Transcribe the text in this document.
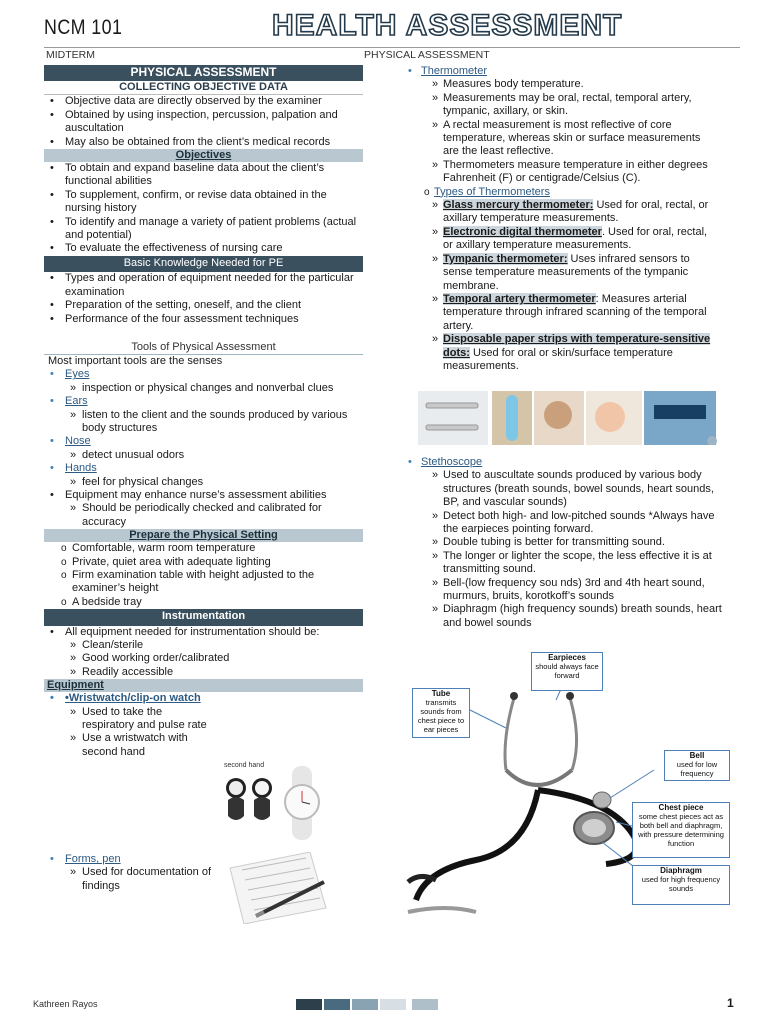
NCM 101	HEALTH ASSESSMENT
MIDTERM	PHYSICAL ASSESSMENT
PHYSICAL ASSESSMENT
COLLECTING OBJECTIVE DATA
• Objective data are directly observed by the examiner
• Obtained by using inspection, percussion, palpation and auscultation
• May also be obtained from the client’s medical records
Objectives
• To obtain and expand baseline data about the client’s functional abilities
• To supplement, confirm, or revise data obtained in the nursing history
• To identify and manage a variety of patient problems (actual and potential)
• To evaluate the effectiveness of nursing care
Basic Knowledge Needed for PE
• Types and operation of equipment needed for the particular examination
• Preparation of the setting, oneself, and the client
• Performance of the four assessment techniques
Tools of Physical Assessment
Most important tools are the senses
• Eyes
» inspection or physical changes and nonverbal clues
• Ears
» listen to the client and the sounds produced by various body structures
• Nose
» detect unusual odors
• Hands
» feel for physical changes
• Equipment may enhance nurse’s assessment abilities
» Should be periodically checked and calibrated for accuracy
Prepare the Physical Setting
o Comfortable, warm room temperature
o Private, quiet area with adequate lighting
o Firm examination table with height adjusted to the examiner’s height
o A bedside tray
Instrumentation
• All equipment needed for instrumentation should be:
» Clean/sterile
» Good working order/calibrated
» Readily accessible
Equipment
• •Wristwatch/clip-on watch
» Used to take the respiratory and pulse rate
» Use a wristwatch with second hand
second hand
• Forms, pen
» Used for documentation of findings
• Thermometer
» Measures body temperature.
» Measurements may be oral, rectal, temporal artery, tympanic, axillary, or skin.
» A rectal measurement is most reflective of core temperature, whereas skin or surface measurements are the least reflective.
» Thermometers measure temperature in either degrees Fahrenheit (F) or centigrade/Celsius (C).
o Types of Thermometers
» Glass mercury thermometer: Used for oral, rectal, or axillary temperature measurements.
» Electronic digital thermometer. Used for oral, rectal, or axillary temperature measurements.
» Tympanic thermometer: Uses infrared sensors to sense temperature measurements of the tympanic membrane.
» Temporal artery thermometer: Measures arterial temperature through infrared scanning of the temporal artery.
» Disposable paper strips with temperature-sensitive dots: Used for oral or skin/surface temperature measurements.
• Stethoscope
» Used to auscultate sounds produced by various body structures (breath sounds, bowel sounds, heart sounds, BP, and vascular sounds)
» Detect both high- and low-pitched sounds *Always have the earpieces pointing forward.
» Double tubing is better for transmitting sound.
» The longer or lighter the scope, the less effective it is at transmitting sound.
» Bell-(low frequency sou nds) 3rd and 4th heart sound, murmurs, bruits, korotkoff’s sounds
» Diaphragm (high frequency sounds) breath sounds, heart and bowel sounds
Earpieces
should always face forward
Tube
transmits sounds from chest piece to ear pieces
Bell
used for low frequency
Chest piece
some chest pieces act as both bell and diaphragm, with pressure determining function
Diaphragm
used for high frequency sounds
Kathreen Rayos	1
